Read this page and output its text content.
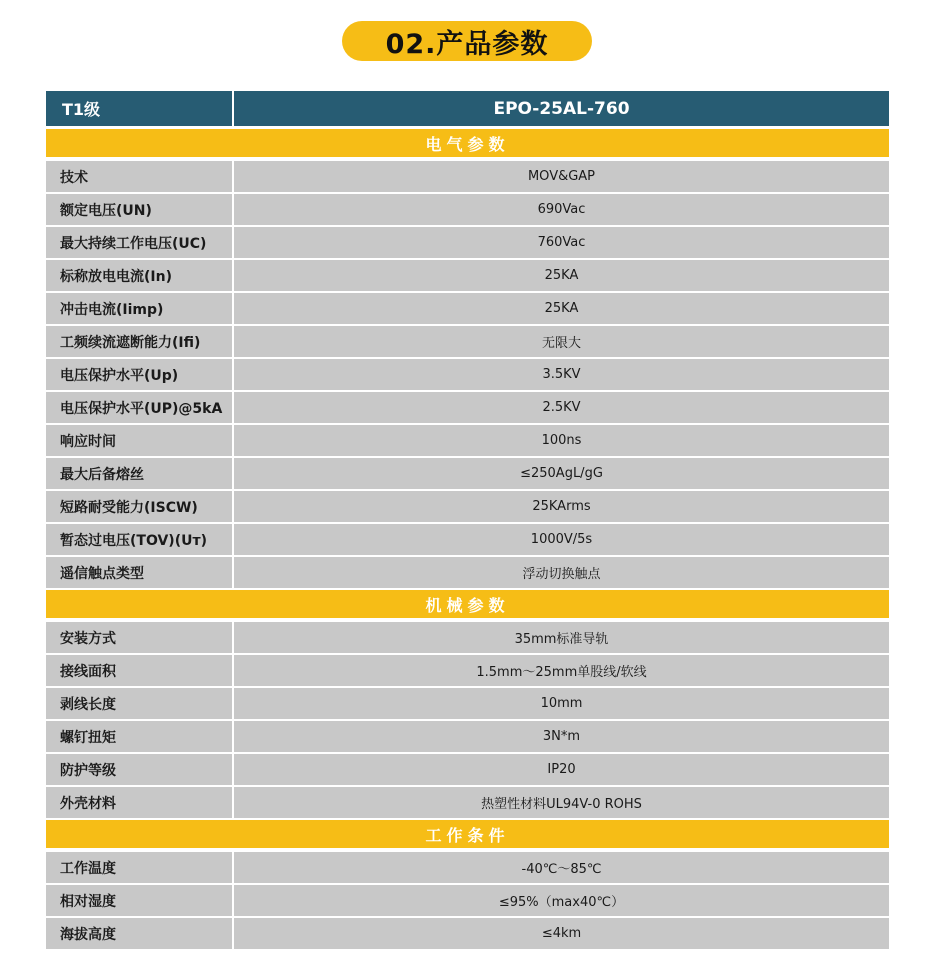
02.产品参数
T1级	EPO-25AL-760
电气参数
技术	MOV&GAP
额定电压(UN)	690Vac
最大持续工作电压(UC)	760Vac
标称放电电流(In)	25KA
冲击电流(Iimp)	25KA
工频续流遮断能力(Ifi)	无限大
电压保护水平(Up)	3.5KV
电压保护水平(UP)@5kA	2.5KV
响应时间	100ns
最大后备熔丝	≤250AgL/gG
短路耐受能力(ISCW)	25KArms
暂态过电压(TOV)(Uт)	1000V/5s
遥信触点类型	浮动切换触点
机械参数
安装方式	35mm标准导轨
接线面积	1.5mm～25mm单股线/软线
剥线长度	10mm
螺钉扭矩	3N*m
防护等级	IP20
外壳材料	热塑性材料UL94V-0 ROHS
工作条件
工作温度	-40℃～85℃
相对湿度	≤95%（max40℃）
海拔高度	≤4km
